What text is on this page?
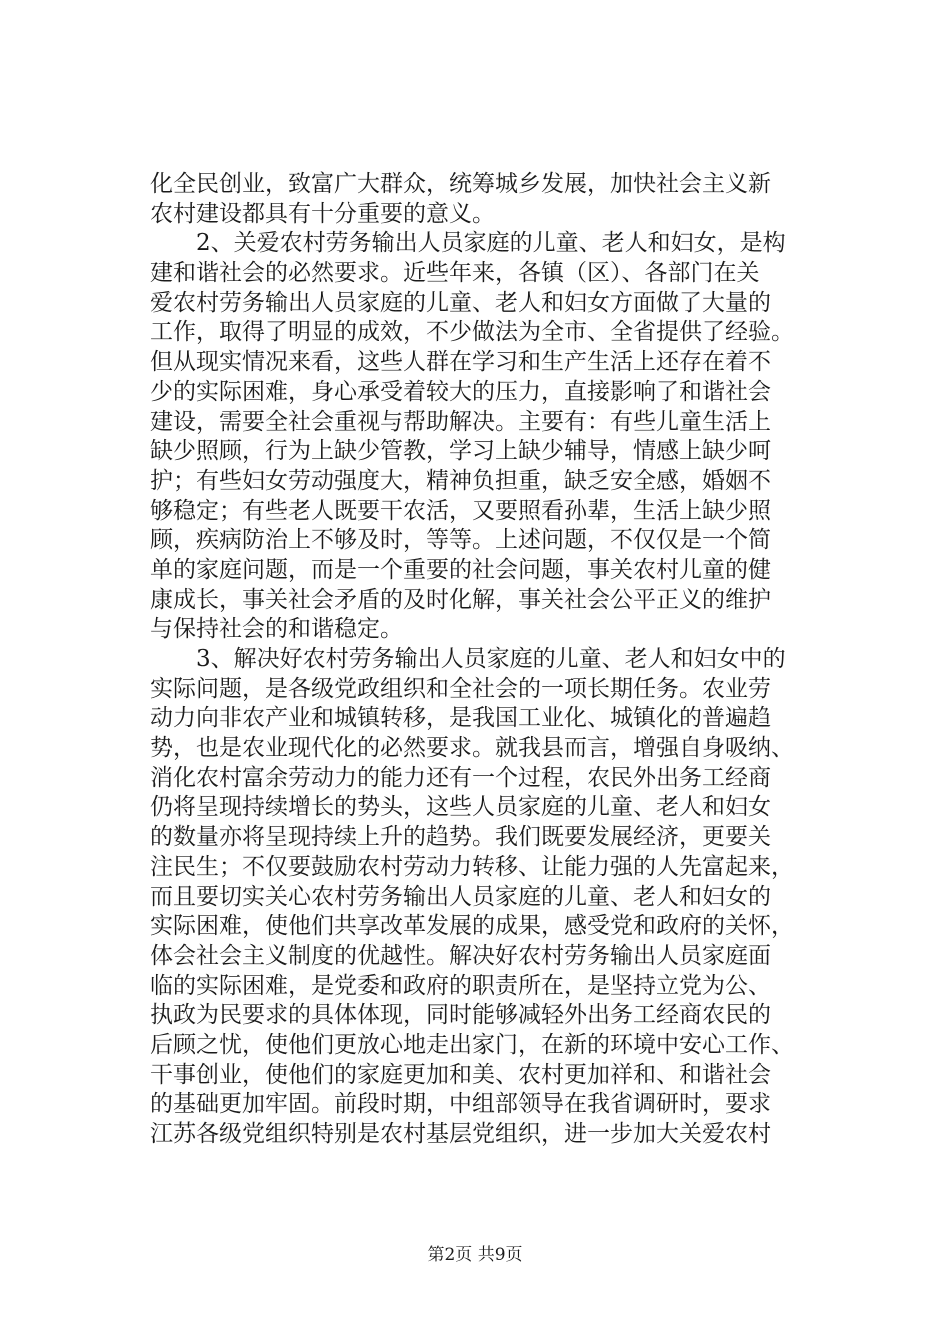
化全民创业，致富广大群众，统筹城乡发展，加快社会主义新
农村建设都具有十分重要的意义。
2、关爱农村劳务输出人员家庭的儿童、老人和妇女，是构
建和谐社会的必然要求。近些年来，各镇（区）、各部门在关
爱农村劳务输出人员家庭的儿童、老人和妇女方面做了大量的
工作，取得了明显的成效，不少做法为全市、全省提供了经验。
但从现实情况来看，这些人群在学习和生产生活上还存在着不
少的实际困难，身心承受着较大的压力，直接影响了和谐社会
建设，需要全社会重视与帮助解决。主要有：有些儿童生活上
缺少照顾，行为上缺少管教，学习上缺少辅导，情感上缺少呵
护；有些妇女劳动强度大，精神负担重，缺乏安全感，婚姻不
够稳定；有些老人既要干农活，又要照看孙辈，生活上缺少照
顾，疾病防治上不够及时，等等。上述问题，不仅仅是一个简
单的家庭问题，而是一个重要的社会问题，事关农村儿童的健
康成长，事关社会矛盾的及时化解，事关社会公平正义的维护
与保持社会的和谐稳定。
3、解决好农村劳务输出人员家庭的儿童、老人和妇女中的
实际问题，是各级党政组织和全社会的一项长期任务。农业劳
动力向非农产业和城镇转移，是我国工业化、城镇化的普遍趋
势，也是农业现代化的必然要求。就我县而言，增强自身吸纳、
消化农村富余劳动力的能力还有一个过程，农民外出务工经商
仍将呈现持续增长的势头，这些人员家庭的儿童、老人和妇女
的数量亦将呈现持续上升的趋势。我们既要发展经济，更要关
注民生；不仅要鼓励农村劳动力转移、让能力强的人先富起来，
而且要切实关心农村劳务输出人员家庭的儿童、老人和妇女的
实际困难，使他们共享改革发展的成果，感受党和政府的关怀，
体会社会主义制度的优越性。解决好农村劳务输出人员家庭面
临的实际困难，是党委和政府的职责所在，是坚持立党为公、
执政为民要求的具体体现，同时能够减轻外出务工经商农民的
后顾之忧，使他们更放心地走出家门，在新的环境中安心工作、
干事创业，使他们的家庭更加和美、农村更加祥和、和谐社会
的基础更加牢固。前段时期，中组部领导在我省调研时，要求
江苏各级党组织特别是农村基层党组织，进一步加大关爱农村
第2页 共9页
